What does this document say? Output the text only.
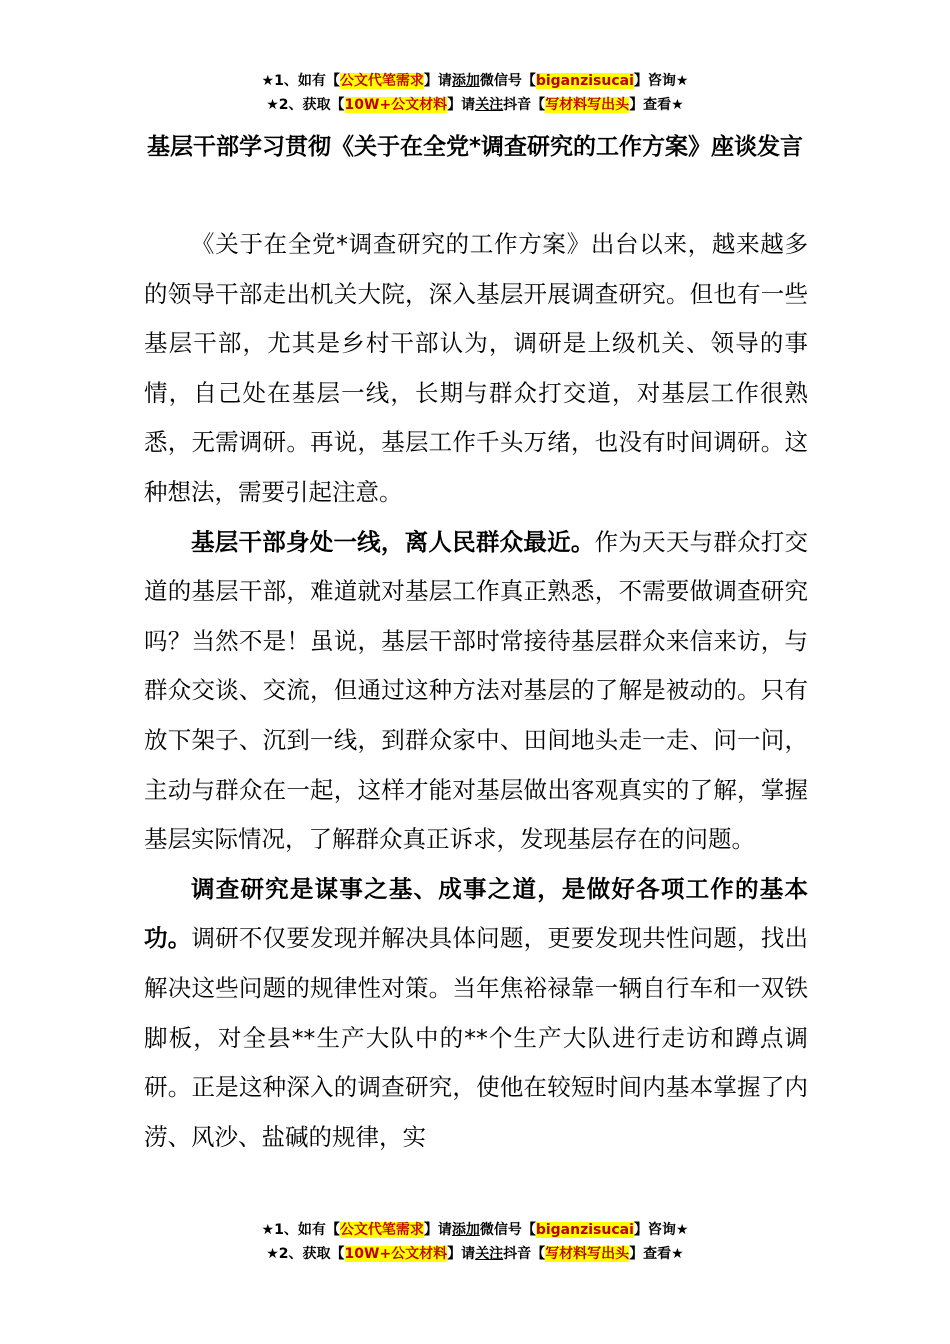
★1、如有【公文代笔需求】请添加微信号【biganzisucai】咨询★
★2、获取【10W+公文材料】请关注抖音【写材料写出头】查看★
基层干部学习贯彻《关于在全党*调查研究的工作方案》座谈发言

《关于在全党*调查研究的工作方案》出台以来，越来越多的领导干部走出机关大院，深入基层开展调查研究。但也有一些基层干部，尤其是乡村干部认为，调研是上级机关、领导的事情，自己处在基层一线，长期与群众打交道，对基层工作很熟悉，无需调研。再说，基层工作千头万绪，也没有时间调研。这种想法，需要引起注意。

基层干部身处一线，离人民群众最近。作为天天与群众打交道的基层干部，难道就对基层工作真正熟悉，不需要做调查研究吗？当然不是！虽说，基层干部时常接待基层群众来信来访，与群众交谈、交流，但通过这种方法对基层的了解是被动的。只有放下架子、沉到一线，到群众家中、田间地头走一走、问一问，主动与群众在一起，这样才能对基层做出客观真实的了解，掌握基层实际情况，了解群众真正诉求，发现基层存在的问题。

调查研究是谋事之基、成事之道，是做好各项工作的基本功。调研不仅要发现并解决具体问题，更要发现共性问题，找出解决这些问题的规律性对策。当年焦裕禄靠一辆自行车和一双铁脚板，对全县**生产大队中的**个生产大队进行走访和蹲点调研。正是这种深入的调查研究，使他在较短时间内基本掌握了内涝、风沙、盐碱的规律，实

★1、如有【公文代笔需求】请添加微信号【biganzisucai】咨询★
★2、获取【10W+公文材料】请关注抖音【写材料写出头】查看★
